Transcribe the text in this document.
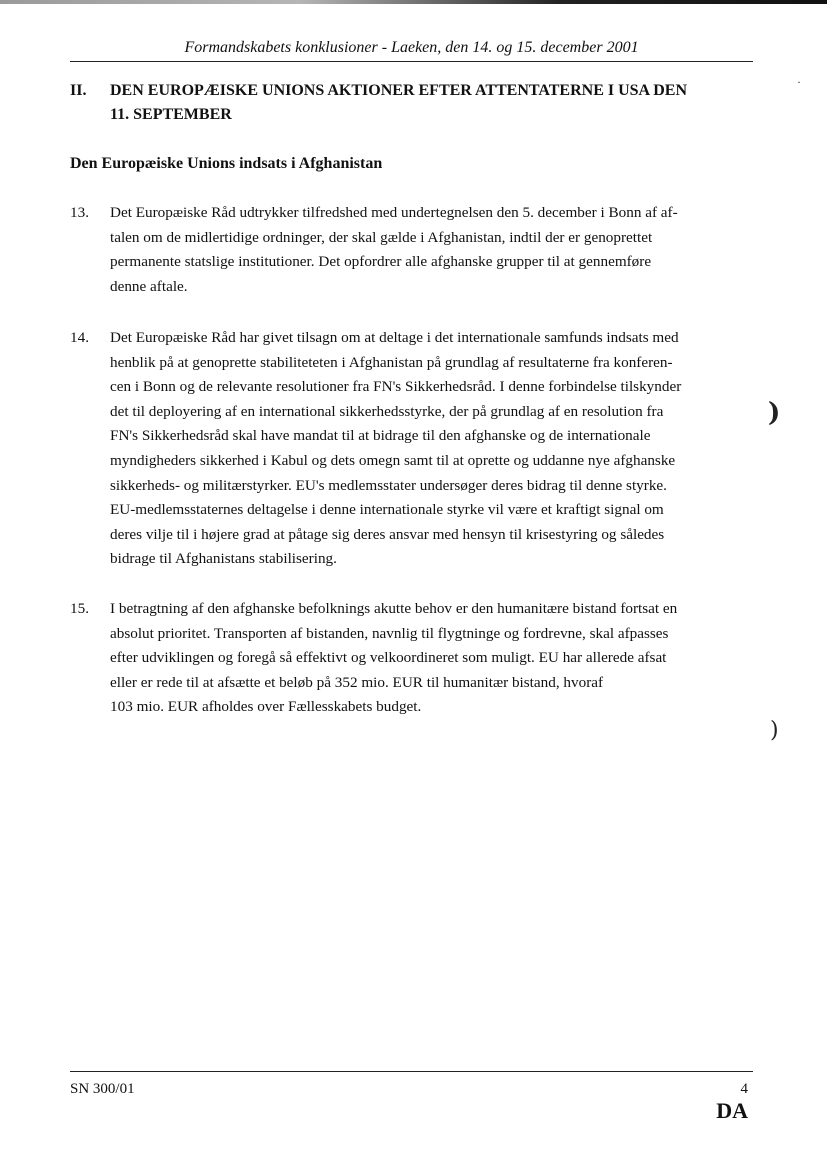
Formandskabets konklusioner - Laeken, den 14. og 15. december 2001
II. DEN EUROPÆISKE UNIONS AKTIONER EFTER ATTENTATERNE I USA DEN
11. SEPTEMBER
Den Europæiske Unions indsats i Afghanistan
13. Det Europæiske Råd udtrykker tilfredshed med undertegnelsen den 5. december i Bonn af af-
talen om de midlertidige ordninger, der skal gælde i Afghanistan, indtil der er genoprettet
permanente statslige institutioner. Det opfordrer alle afghanske grupper til at gennemføre
denne aftale.
14. Det Europæiske Råd har givet tilsagn om at deltage i det internationale samfunds indsats med
henblik på at genoprette stabiliteteten i Afghanistan på grundlag af resultaterne fra konferen-
cen i Bonn og de relevante resolutioner fra FN's Sikkerhedsråd. I denne forbindelse tilskynder
det til deployering af en international sikkerhedsstyrke, der på grundlag af en resolution fra
FN's Sikkerhedsråd skal have mandat til at bidrage til den afghanske og de internationale
myndigheders sikkerhed i Kabul og dets omegn samt til at oprette og uddanne nye afghanske
sikkerheds- og militærstyrker. EU's medlemsstater undersøger deres bidrag til denne styrke.
EU-medlemsstaternes deltagelse i denne internationale styrke vil være et kraftigt signal om
deres vilje til i højere grad at påtage sig deres ansvar med hensyn til krisestyring og således
bidrage til Afghanistans stabilisering.
15. I betragtning af den afghanske befolknings akutte behov er den humanitære bistand fortsat en
absolut prioritet. Transporten af bistanden, navnlig til flygtninge og fordrevne, skal afpasses
efter udviklingen og foregå så effektivt og velkoordineret som muligt. EU har allerede afsat
eller er rede til at afsætte et beløb på 352 mio. EUR til humanitær bistand, hvoraf
103 mio. EUR afholdes over Fællesskabets budget.
˙
)
)
SN 300/01	4
DA
